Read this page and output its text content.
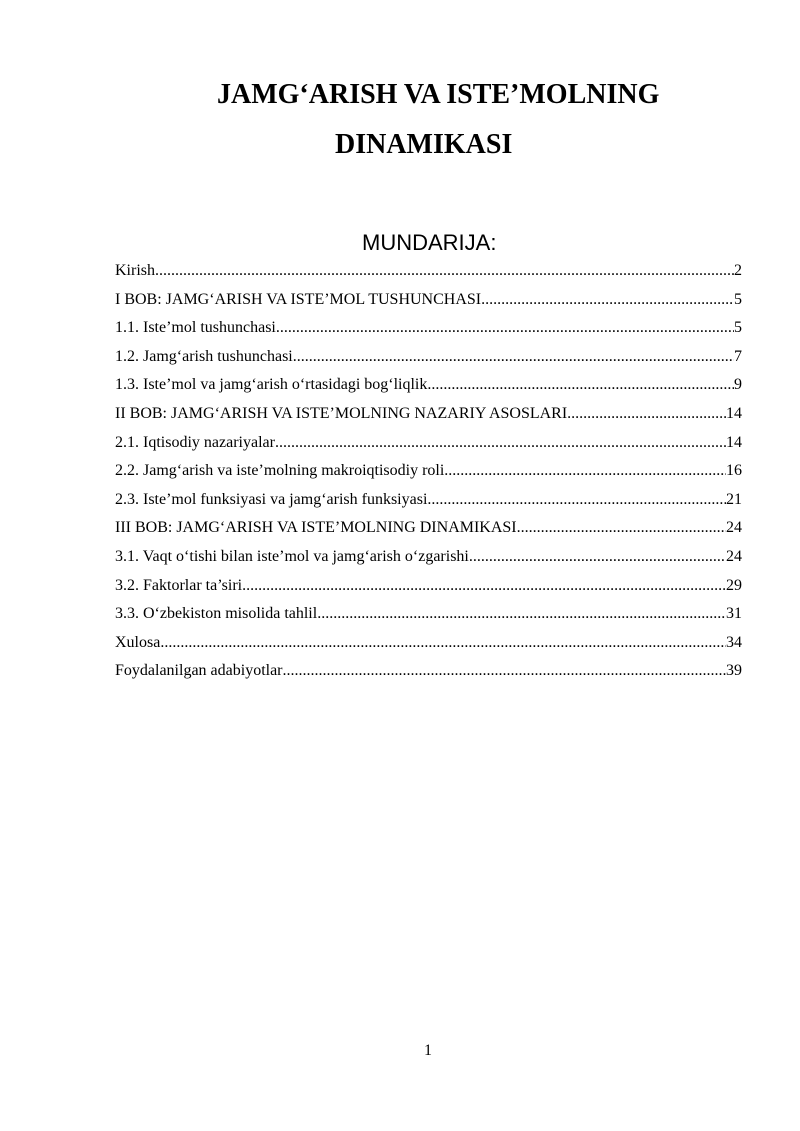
JAMG‘ARISH VA ISTE’MOLNING
DINAMIKASI
MUNDARIJA:
Kirish .....	2
I BOB: JAMG‘ARISH VA ISTE’MOL TUSHUNCHASI .....	5
1.1. Iste’mol tushunchasi .....	5
1.2. Jamg‘arish tushunchasi .....	7
1.3. Iste’mol va jamg‘arish o‘rtasidagi bog‘liqlik .....	9
II BOB: JAMG‘ARISH VA ISTE’MOLNING NAZARIY ASOSLARI .....	14
2.1. Iqtisodiy nazariyalar .....	14
2.2. Jamg‘arish va iste’molning makroiqtisodiy roli .....	16
2.3. Iste’mol funksiyasi va jamg‘arish funksiyasi .....	21
III BOB: JAMG‘ARISH VA ISTE’MOLNING DINAMIKASI .....	24
3.1. Vaqt o‘tishi bilan iste’mol va jamg‘arish o‘zgarishi .....	24
3.2. Faktorlar ta’siri .....	29
3.3. O‘zbekiston misolida tahlil .....	31
Xulosa .....	34
Foydalanilgan adabiyotlar .....	39
1
